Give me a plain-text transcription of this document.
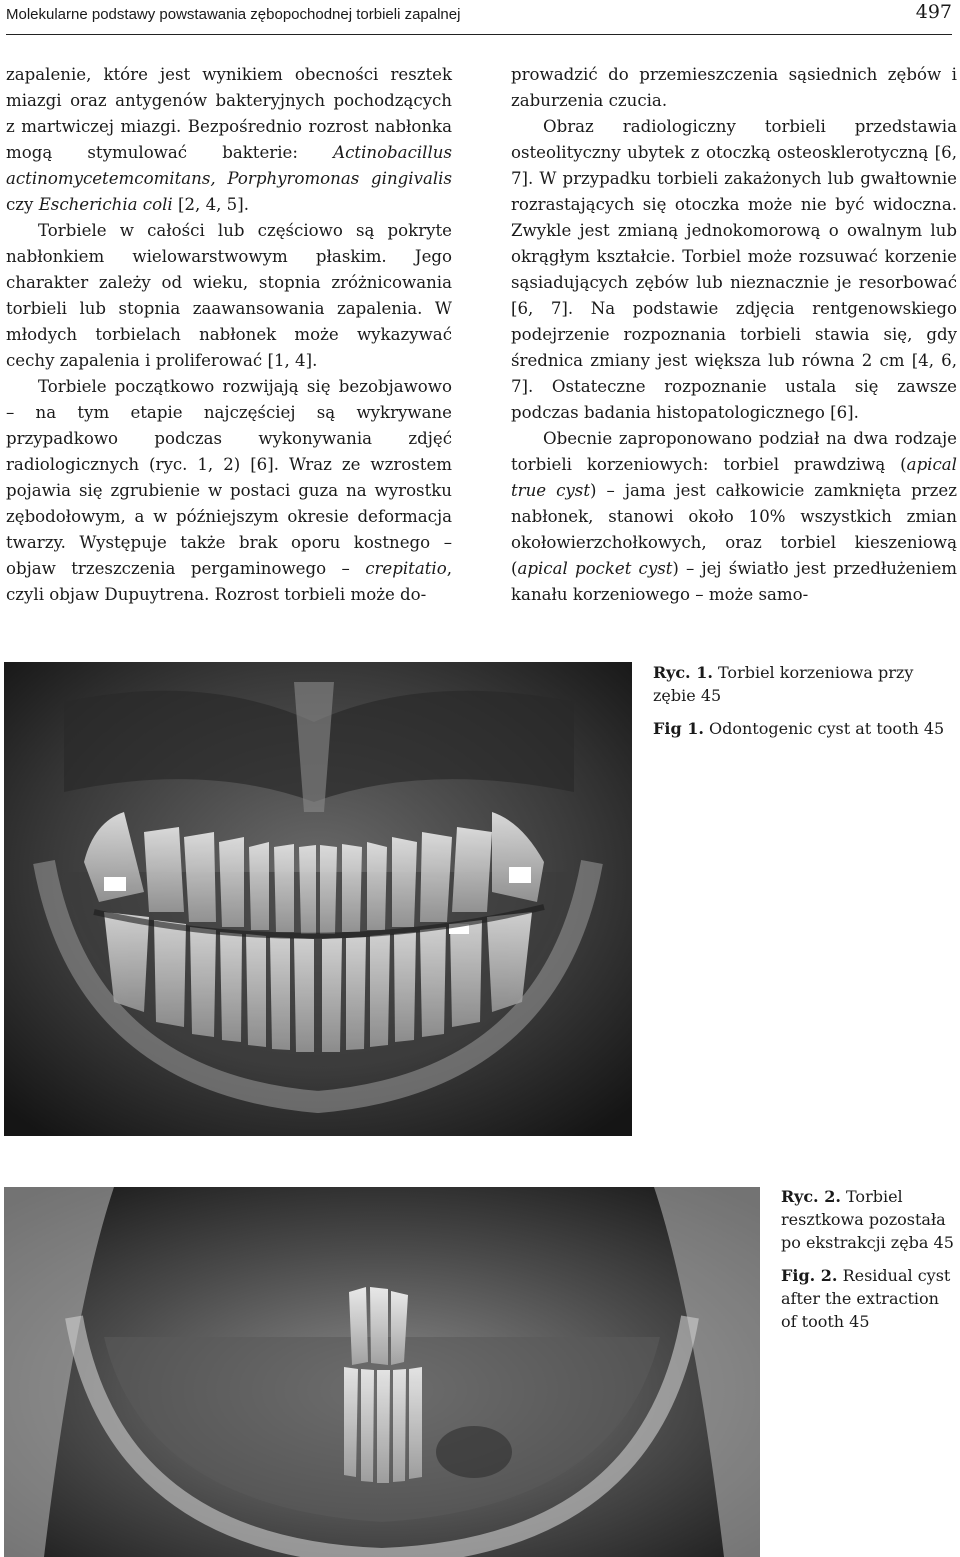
Molekularne podstawy powstawania zębopochodnej torbieli zapalnej	497

zapalenie, które jest wynikiem obecności resztek miazgi oraz antygenów bakteryjnych pochodzących z martwiczej miazgi. Bezpośrednio rozrost nabłonka mogą stymulować bakterie: Actinobacillus actinomycetemcomitans, Porphyromonas gingivalis czy Escherichia coli [2, 4, 5].

Torbiele w całości lub częściowo są pokryte nabłonkiem wielowarstwowym płaskim. Jego charakter zależy od wieku, stopnia zróżnicowania torbieli lub stopnia zaawansowania zapalenia. W młodych torbielach nabłonek może wykazywać cechy zapalenia i proliferować [1, 4].

Torbiele początkowo rozwijają się bezobjawowo – na tym etapie najczęściej są wykrywane przypadkowo podczas wykonywania zdjęć radiologicznych (ryc. 1, 2) [6]. Wraz ze wzrostem pojawia się zgrubienie w postaci guza na wyrostku zębodołowym, a w późniejszym okresie deformacja twarzy. Występuje także brak oporu kostnego – objaw trzeszczenia pergaminowego – crepitatio, czyli objaw Dupuytrena. Rozrost torbieli może do-

prowadzić do przemieszczenia sąsiednich zębów i zaburzenia czucia.

Obraz radiologiczny torbieli przedstawia osteolityczny ubytek z otoczką osteosklerotyczną [6, 7]. W przypadku torbieli zakażonych lub gwałtownie rozrastających się otoczka może nie być widoczna. Zwykle jest zmianą jednokomorową o owalnym lub okrągłym kształcie. Torbiel może rozsuwać korzenie sąsiadujących zębów lub nieznacznie je resorbować [6, 7]. Na podstawie zdjęcia rentgenowskiego podejrzenie rozpoznania torbieli stawia się, gdy średnica zmiany jest większa lub równa 2 cm [4, 6, 7]. Ostateczne rozpoznanie ustala się zawsze podczas badania histopatologicznego [6].

Obecnie zaproponowano podział na dwa rodzaje torbieli korzeniowych: torbiel prawdziwą (apical true cyst) – jama jest całkowicie zamknięta przez nabłonek, stanowi około 10% wszystkich zmian okołowierzchołkowych, oraz torbiel kieszeniową (apical pocket cyst) – jej światło jest przedłużeniem kanału korzeniowego – może samo-

Ryc. 1. Torbiel korzeniowa przy zębie 45
Fig 1. Odontogenic cyst at tooth 45
Ryc. 2. Torbiel resztkowa pozostała po ekstrakcji zęba 45
Fig. 2. Residual cyst after the extraction of tooth 45
